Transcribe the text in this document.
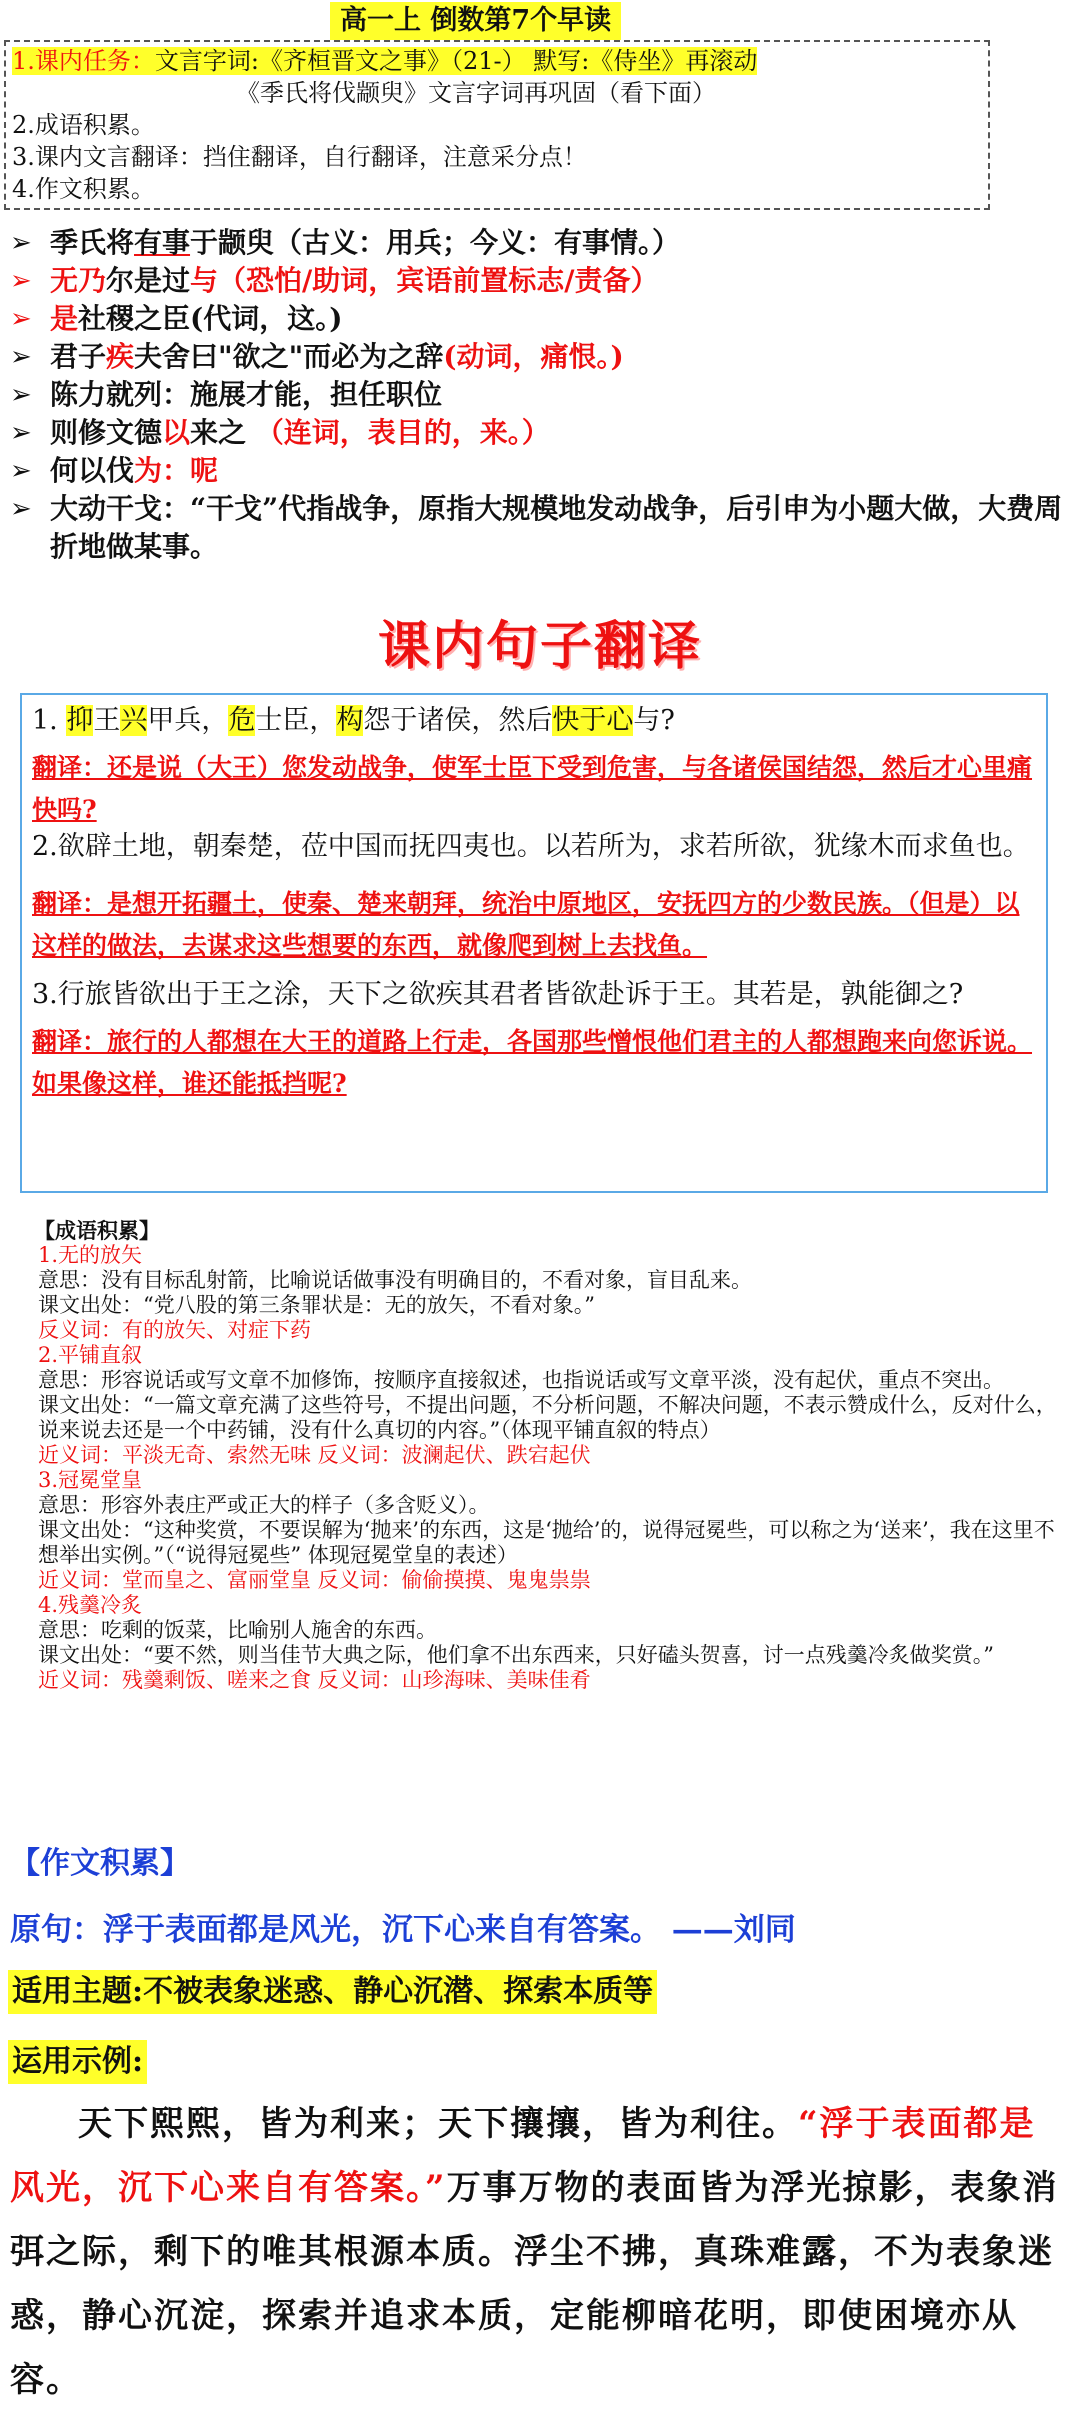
高一上 倒数第7个早读
1.课内任务：文言字词:《齐桓晋文之事》（21-） 默写:《侍坐》再滚动
《季氏将伐颛臾》文言字词再巩固（看下面）
2.成语积累。
3.课内文言翻译：挡住翻译，自行翻译，注意采分点！
4.作文积累。
➢ 季氏将有事于颛臾（古义：用兵；今义：有事情。）
➢ 无乃尔是过与（恐怕/助词，宾语前置标志/责备）
➢ 是社稷之臣(代词，这。)
➢ 君子疾夫舍曰"欲之"而必为之辞(动词，痛恨。)
➢ 陈力就列：施展才能，担任职位
➢ 则修文德以来之 （连词，表目的，来。）
➢ 何以伐为：呢
➢ 大动干戈：“干戈”代指战争，原指大规模地发动战争，后引申为小题大做，大费周折地做某事。
课内句子翻译
1. 抑王兴甲兵，危士臣，构怨于诸侯，然后快于心与?
翻译：还是说（大王）您发动战争，使军士臣下受到危害，与各诸侯国结怨，然后才心里痛快吗?
2.欲辟土地，朝秦楚，莅中国而抚四夷也。以若所为，求若所欲，犹缘木而求鱼也。
翻译：是想开拓疆土，使秦、楚来朝拜，统治中原地区，安抚四方的少数民族。（但是）以这样的做法，去谋求这些想要的东西，就像爬到树上去找鱼。
3.行旅皆欲出于王之涂，天下之欲疾其君者皆欲赴诉于王。其若是，孰能御之?
翻译：旅行的人都想在大王的道路上行走，各国那些憎恨他们君主的人都想跑来向您诉说。如果像这样，谁还能抵挡呢?
【成语积累】
1.无的放矢
意思：没有目标乱射箭，比喻说话做事没有明确目的，不看对象，盲目乱来。
课文出处：“党八股的第三条罪状是：无的放矢，不看对象。”
反义词：有的放矢、对症下药
2.平铺直叙
意思：形容说话或写文章不加修饰，按顺序直接叙述，也指说话或写文章平淡，没有起伏，重点不突出。
课文出处：“一篇文章充满了这些符号，不提出问题，不分析问题，不解决问题，不表示赞成什么，反对什么，说来说去还是一个中药铺，没有什么真切的内容。”（体现平铺直叙的特点）
近义词：平淡无奇、索然无味 反义词：波澜起伏、跌宕起伏
3.冠冕堂皇
意思：形容外表庄严或正大的样子（多含贬义）。
课文出处：“这种奖赏，不要误解为‘抛来’的东西，这是‘抛给’的，说得冠冕些，可以称之为‘送来’，我在这里不想举出实例。”（“说得冠冕些” 体现冠冕堂皇的表述）
近义词：堂而皇之、富丽堂皇 反义词：偷偷摸摸、鬼鬼祟祟
4.残羹冷炙
意思：吃剩的饭菜，比喻别人施舍的东西。
课文出处：“要不然，则当佳节大典之际，他们拿不出东西来，只好磕头贺喜，讨一点残羹冷炙做奖赏。”
近义词：残羹剩饭、嗟来之食 反义词：山珍海味、美味佳肴
【作文积累】
原句：浮于表面都是风光，沉下心来自有答案。 ——刘同
适用主题:不被表象迷惑、静心沉潜、探索本质等
运用示例:
天下熙熙，皆为利来；天下攘攘，皆为利往。“浮于表面都是风光，沉下心来自有答案。”万事万物的表面皆为浮光掠影，表象消弭之际，剩下的唯其根源本质。浮尘不拂，真珠难露，不为表象迷惑，静心沉淀，探索并追求本质，定能柳暗花明，即使困境亦从容。
